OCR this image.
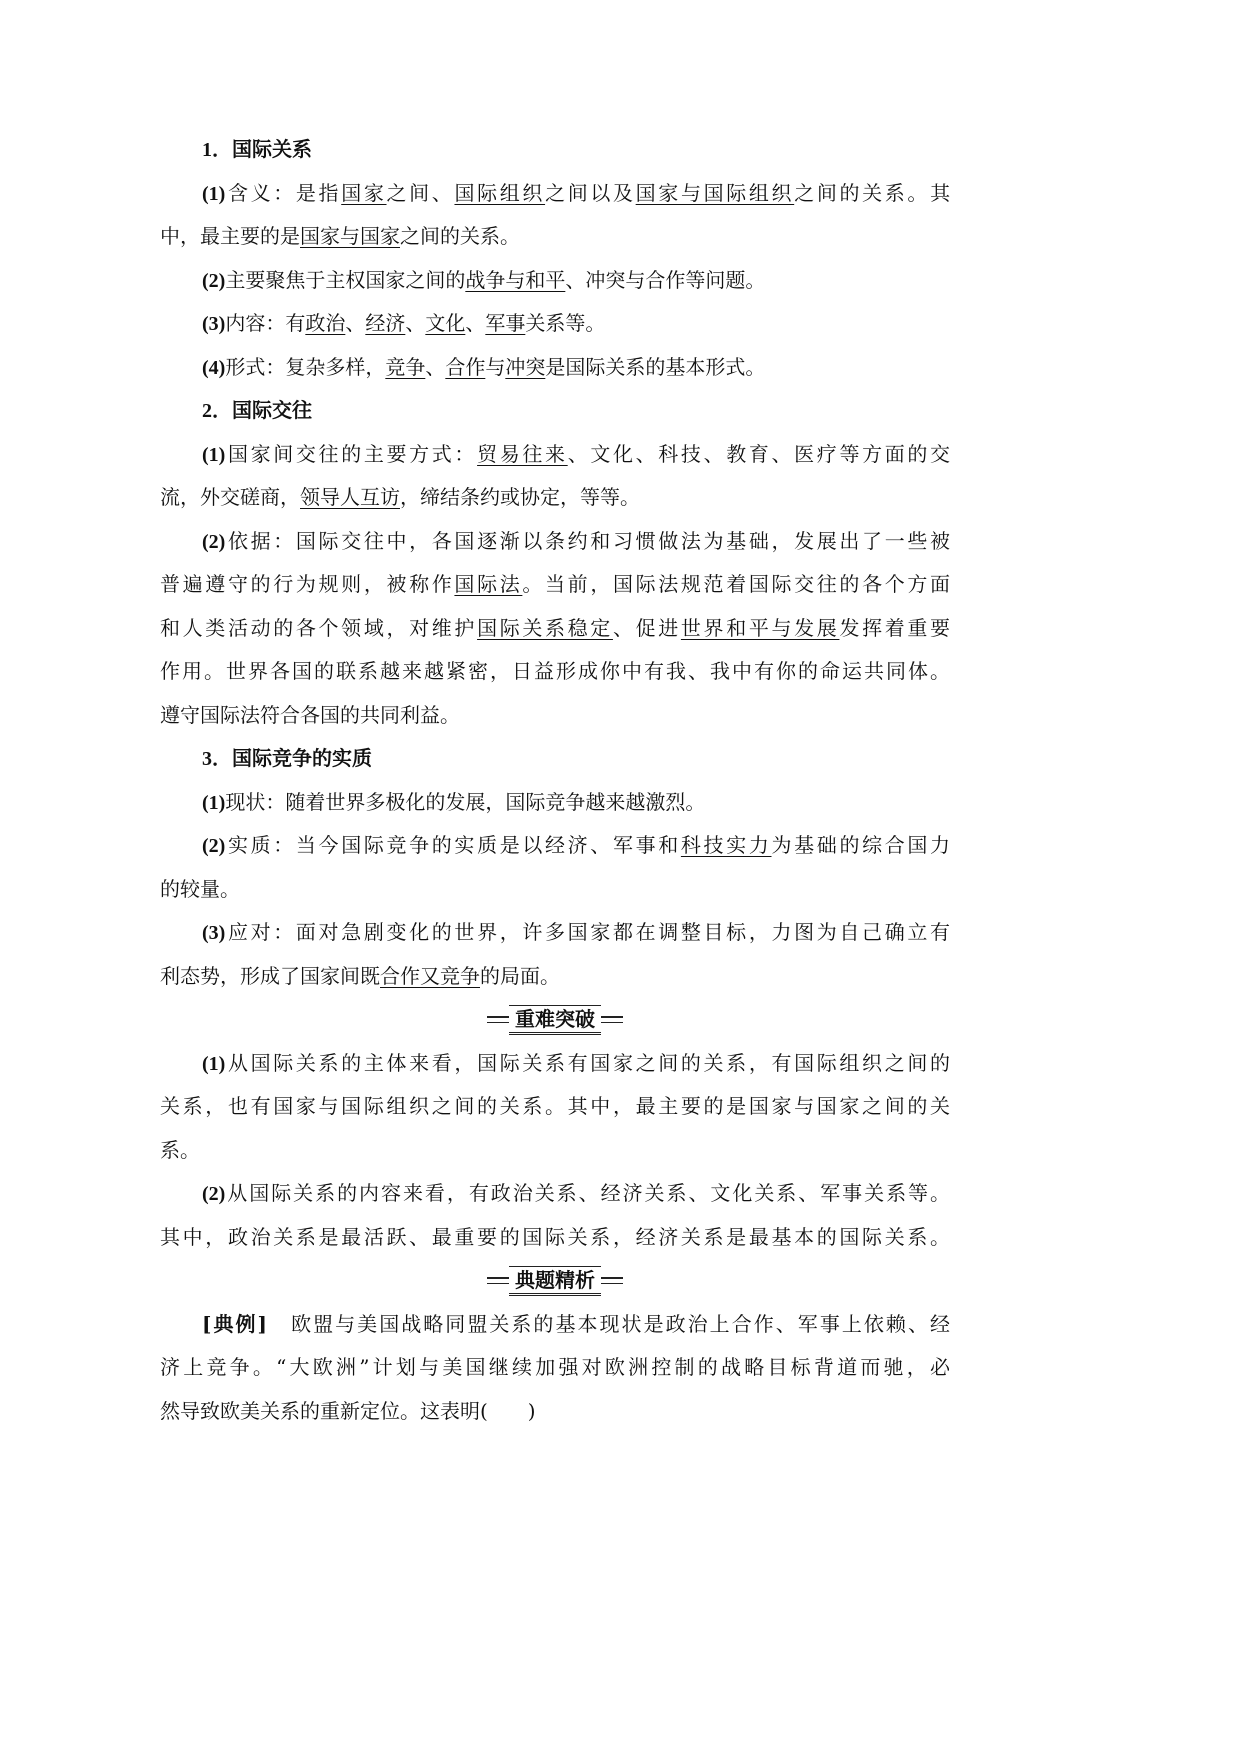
1．国际关系
(1)含义：是指国家之间、国际组织之间以及国家与国际组织之间的关系。其
中，最主要的是国家与国家之间的关系。
(2)主要聚焦于主权国家之间的战争与和平、冲突与合作等问题。
(3)内容：有政治、经济、文化、军事关系等。
(4)形式：复杂多样，竞争、合作与冲突是国际关系的基本形式。
2．国际交往
(1)国家间交往的主要方式：贸易往来、文化、科技、教育、医疗等方面的交
流，外交磋商，领导人互访，缔结条约或协定，等等。
(2)依据：国际交往中，各国逐渐以条约和习惯做法为基础，发展出了一些被
普遍遵守的行为规则，被称作国际法。当前，国际法规范着国际交往的各个方面
和人类活动的各个领域，对维护国际关系稳定、促进世界和平与发展发挥着重要
作用。世界各国的联系越来越紧密，日益形成你中有我、我中有你的命运共同体。
遵守国际法符合各国的共同利益。
3．国际竞争的实质
(1)现状：随着世界多极化的发展，国际竞争越来越激烈。
(2)实质：当今国际竞争的实质是以经济、军事和科技实力为基础的综合国力
的较量。
(3)应对：面对急剧变化的世界，许多国家都在调整目标，力图为自己确立有
利态势，形成了国家间既合作又竞争的局面。
重难突破
(1)从国际关系的主体来看，国际关系有国家之间的关系，有国际组织之间的
关系，也有国家与国际组织之间的关系。其中，最主要的是国家与国家之间的关
系。
(2)从国际关系的内容来看，有政治关系、经济关系、文化关系、军事关系等。
其中，政治关系是最活跃、最重要的国际关系，经济关系是最基本的国际关系。
典题精析
[典例]　 欧盟与美国战略同盟关系的基本现状是政治上合作、军事上依赖、经
济上竞争。“大欧洲”计划与美国继续加强对欧洲控制的战略目标背道而驰，必
然导致欧美关系的重新定位。这表明(　　)
